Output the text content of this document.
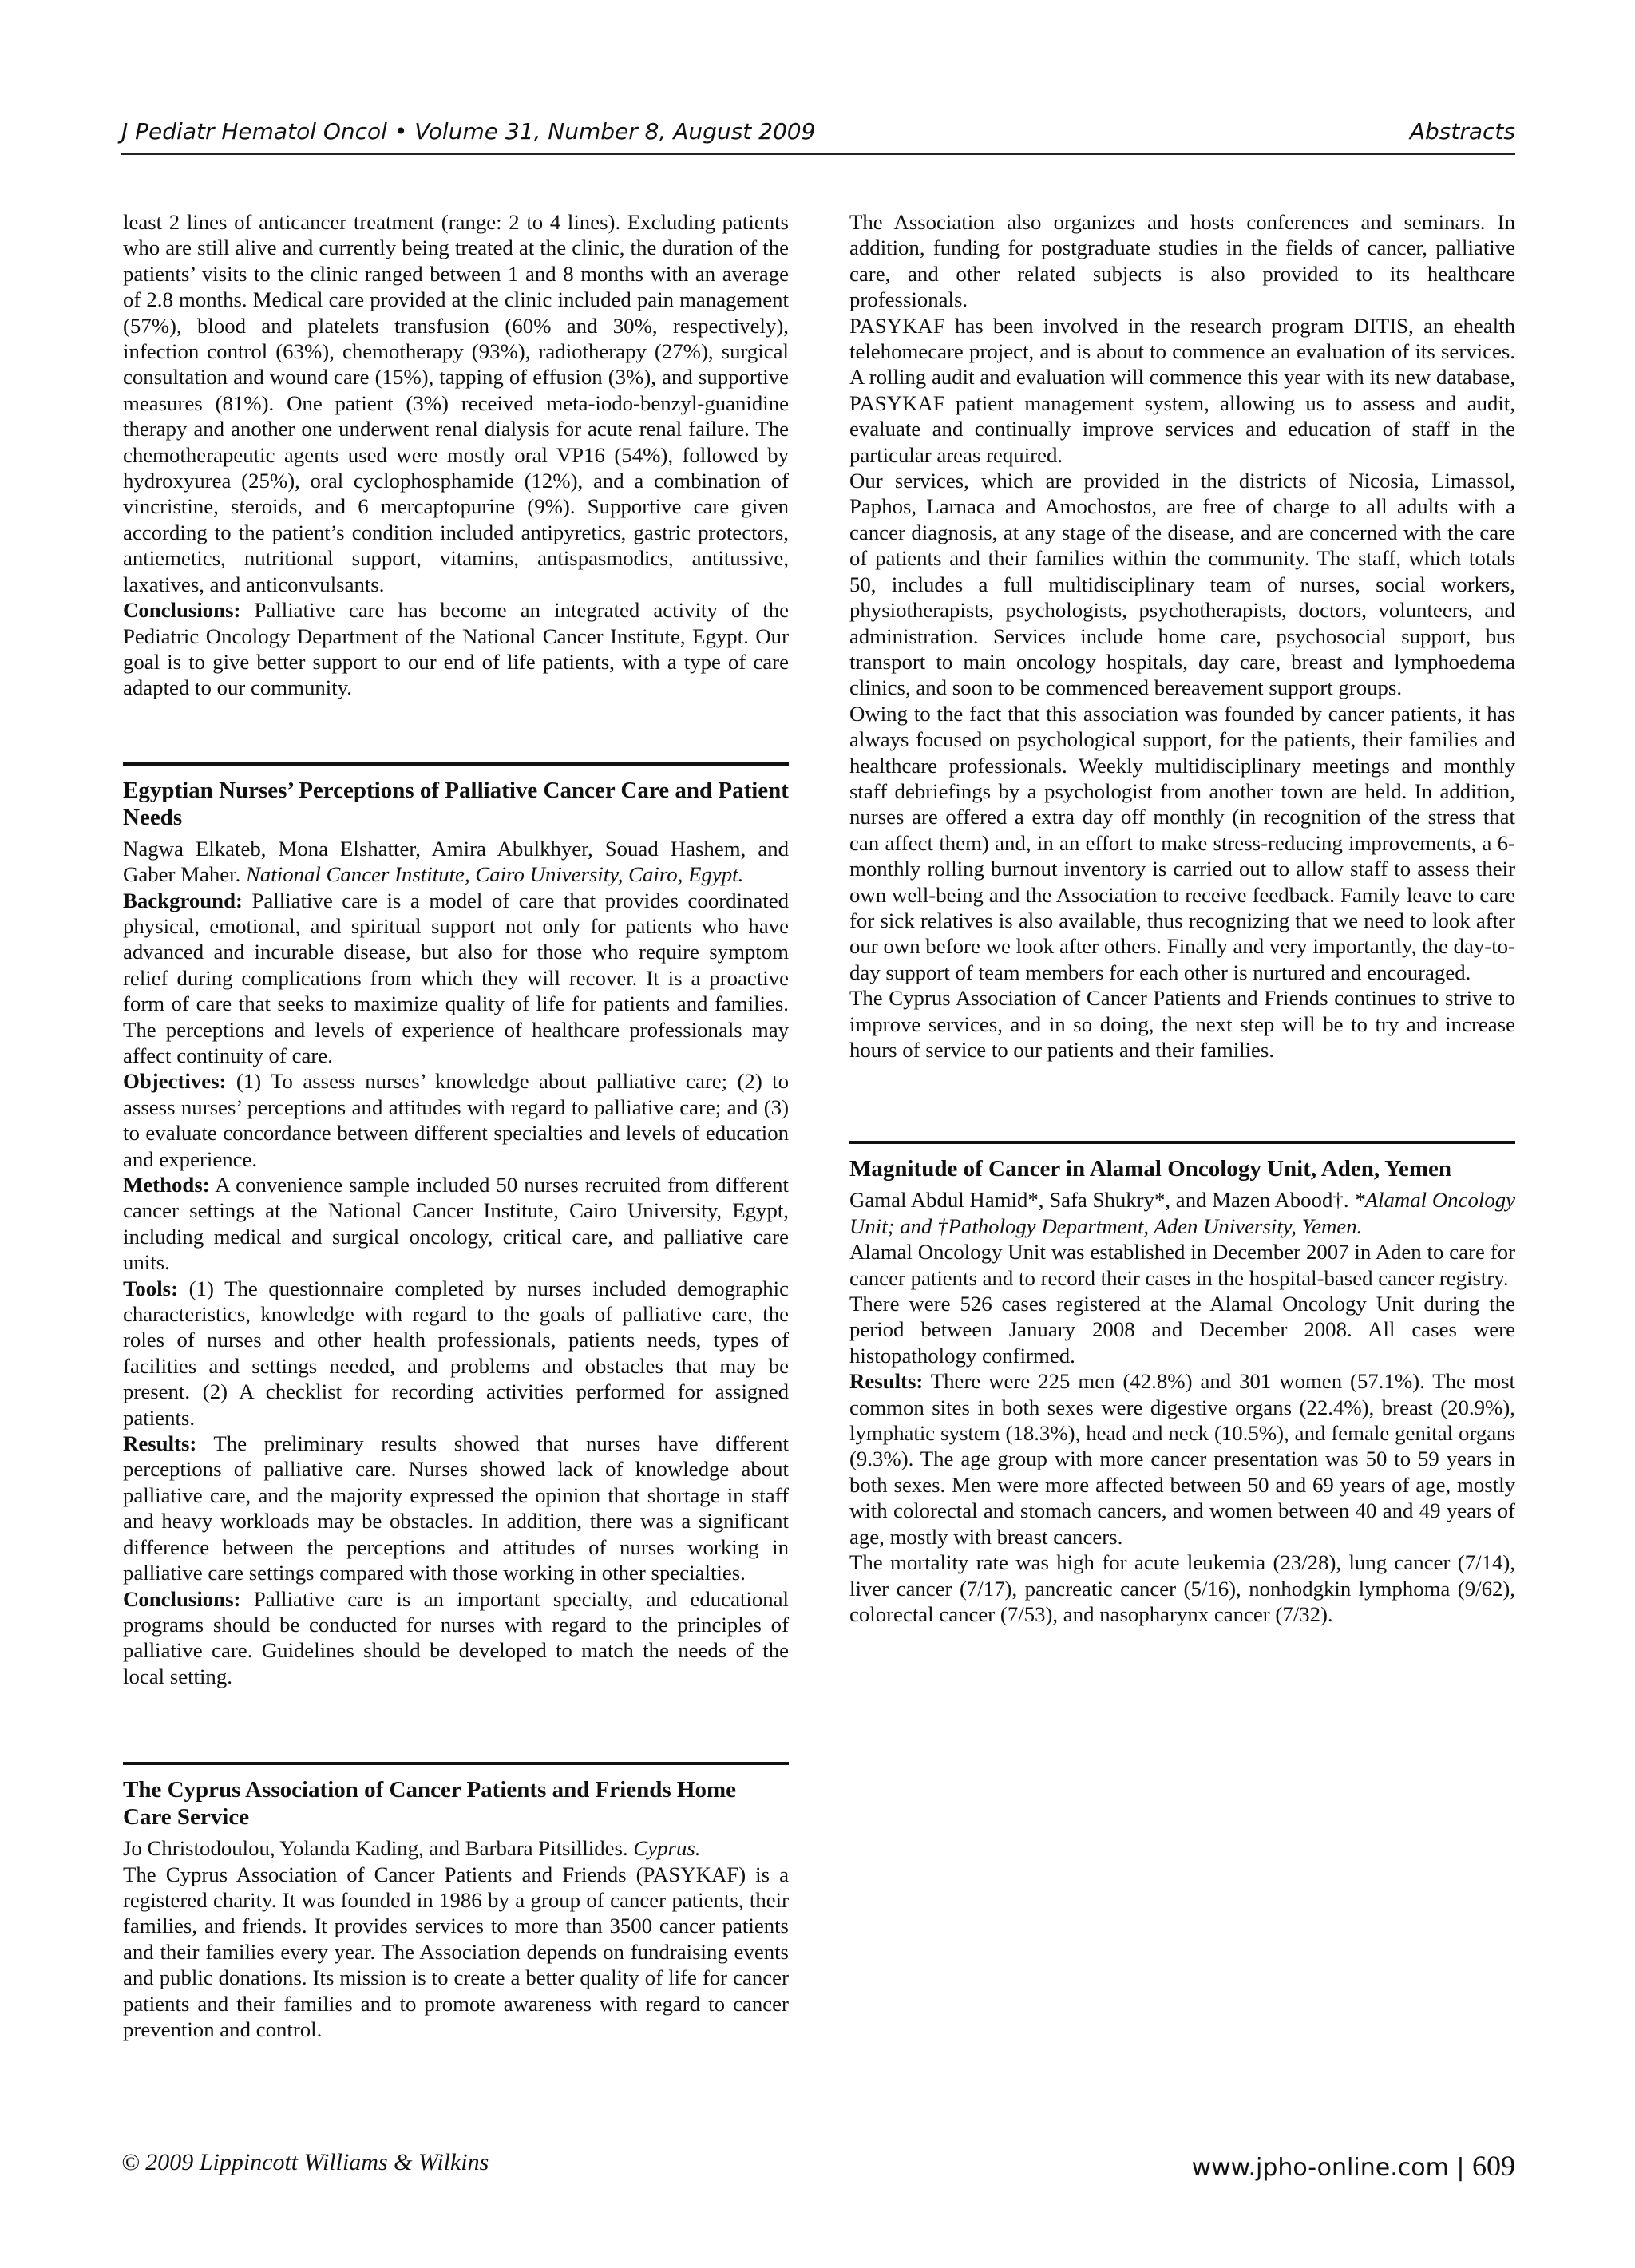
J Pediatr Hematol Oncol • Volume 31, Number 8, August 2009	Abstracts

least 2 lines of anticancer treatment (range: 2 to 4 lines). Excluding patients who are still alive and currently being treated at the clinic, the duration of the patients’ visits to the clinic ranged between 1 and 8 months with an average of 2.8 months. Medical care provided at the clinic included pain management (57%), blood and platelets transfusion (60% and 30%, respectively), infection control (63%), chemotherapy (93%), radiotherapy (27%), surgical consultation and wound care (15%), tapping of effusion (3%), and supportive measures (81%). One patient (3%) received meta-iodo-benzyl-guanidine therapy and another one underwent renal dialysis for acute renal failure. The chemotherapeutic agents used were mostly oral VP16 (54%), followed by hydroxyurea (25%), oral cyclophosphamide (12%), and a combination of vincristine, steroids, and 6 mercaptopurine (9%). Supportive care given according to the patient’s condition included antipyretics, gastric protectors, antiemetics, nutritional support, vitamins, antispasmodics, antitussive, laxatives, and anticonvulsants.

Conclusions: Palliative care has become an integrated activity of the Pediatric Oncology Department of the National Cancer Institute, Egypt. Our goal is to give better support to our end of life patients, with a type of care adapted to our community.

Egyptian Nurses’ Perceptions of Palliative Cancer Care and Patient Needs

Nagwa Elkateb, Mona Elshatter, Amira Abulkhyer, Souad Hashem, and Gaber Maher. National Cancer Institute, Cairo University, Cairo, Egypt.

Background: Palliative care is a model of care that provides coordinated physical, emotional, and spiritual support not only for patients who have advanced and incurable disease, but also for those who require symptom relief during complications from which they will recover. It is a proactive form of care that seeks to maximize quality of life for patients and families. The perceptions and levels of experience of healthcare professionals may affect continuity of care.

Objectives: (1) To assess nurses’ knowledge about palliative care; (2) to assess nurses’ perceptions and attitudes with regard to palliative care; and (3) to evaluate concordance between different specialties and levels of education and experience.

Methods: A convenience sample included 50 nurses recruited from different cancer settings at the National Cancer Institute, Cairo University, Egypt, including medical and surgical oncology, critical care, and palliative care units.

Tools: (1) The questionnaire completed by nurses included demographic characteristics, knowledge with regard to the goals of palliative care, the roles of nurses and other health professionals, patients needs, types of facilities and settings needed, and problems and obstacles that may be present. (2) A checklist for recording activities performed for assigned patients.

Results: The preliminary results showed that nurses have different perceptions of palliative care. Nurses showed lack of knowledge about palliative care, and the majority expressed the opinion that shortage in staff and heavy workloads may be obstacles. In addition, there was a significant difference between the perceptions and attitudes of nurses working in palliative care settings compared with those working in other specialties.

Conclusions: Palliative care is an important specialty, and educational programs should be conducted for nurses with regard to the principles of palliative care. Guidelines should be developed to match the needs of the local setting.

The Cyprus Association of Cancer Patients and Friends Home Care Service

Jo Christodoulou, Yolanda Kading, and Barbara Pitsillides. Cyprus.

The Cyprus Association of Cancer Patients and Friends (PASYKAF) is a registered charity. It was founded in 1986 by a group of cancer patients, their families, and friends. It provides services to more than 3500 cancer patients and their families every year. The Association depends on fundraising events and public donations. Its mission is to create a better quality of life for cancer patients and their families and to promote awareness with regard to cancer prevention and control.

The Association also organizes and hosts conferences and seminars. In addition, funding for postgraduate studies in the fields of cancer, palliative care, and other related subjects is also provided to its healthcare professionals.

PASYKAF has been involved in the research program DITIS, an ehealth telehomecare project, and is about to commence an evaluation of its services. A rolling audit and evaluation will commence this year with its new database, PASYKAF patient management system, allowing us to assess and audit, evaluate and continually improve services and education of staff in the particular areas required.

Our services, which are provided in the districts of Nicosia, Limassol, Paphos, Larnaca and Amochostos, are free of charge to all adults with a cancer diagnosis, at any stage of the disease, and are concerned with the care of patients and their families within the community. The staff, which totals 50, includes a full multidisciplinary team of nurses, social workers, physiotherapists, psychologists, psychotherapists, doctors, volunteers, and administration. Services include home care, psychosocial support, bus transport to main oncology hospitals, day care, breast and lymphoedema clinics, and soon to be commenced bereavement support groups.

Owing to the fact that this association was founded by cancer patients, it has always focused on psychological support, for the patients, their families and healthcare professionals. Weekly multidisciplinary meetings and monthly staff debriefings by a psychologist from another town are held. In addition, nurses are offered a extra day off monthly (in recognition of the stress that can affect them) and, in an effort to make stress-reducing improvements, a 6-monthly rolling burnout inventory is carried out to allow staff to assess their own well-being and the Association to receive feedback. Family leave to care for sick relatives is also available, thus recognizing that we need to look after our own before we look after others. Finally and very importantly, the day-to-day support of team members for each other is nurtured and encouraged.

The Cyprus Association of Cancer Patients and Friends continues to strive to improve services, and in so doing, the next step will be to try and increase hours of service to our patients and their families.

Magnitude of Cancer in Alamal Oncology Unit, Aden, Yemen

Gamal Abdul Hamid*, Safa Shukry*, and Mazen Abood†. *Alamal Oncology Unit; and †Pathology Department, Aden University, Yemen.

Alamal Oncology Unit was established in December 2007 in Aden to care for cancer patients and to record their cases in the hospital-based cancer registry.

There were 526 cases registered at the Alamal Oncology Unit during the period between January 2008 and December 2008. All cases were histopathology confirmed.

Results: There were 225 men (42.8%) and 301 women (57.1%). The most common sites in both sexes were digestive organs (22.4%), breast (20.9%), lymphatic system (18.3%), head and neck (10.5%), and female genital organs (9.3%). The age group with more cancer presentation was 50 to 59 years in both sexes. Men were more affected between 50 and 69 years of age, mostly with colorectal and stomach cancers, and women between 40 and 49 years of age, mostly with breast cancers.

The mortality rate was high for acute leukemia (23/28), lung cancer (7/14), liver cancer (7/17), pancreatic cancer (5/16), nonhodgkin lymphoma (9/62), colorectal cancer (7/53), and nasopharynx cancer (7/32).

© 2009 Lippincott Williams & Wilkins	www.jpho-online.com | 609
